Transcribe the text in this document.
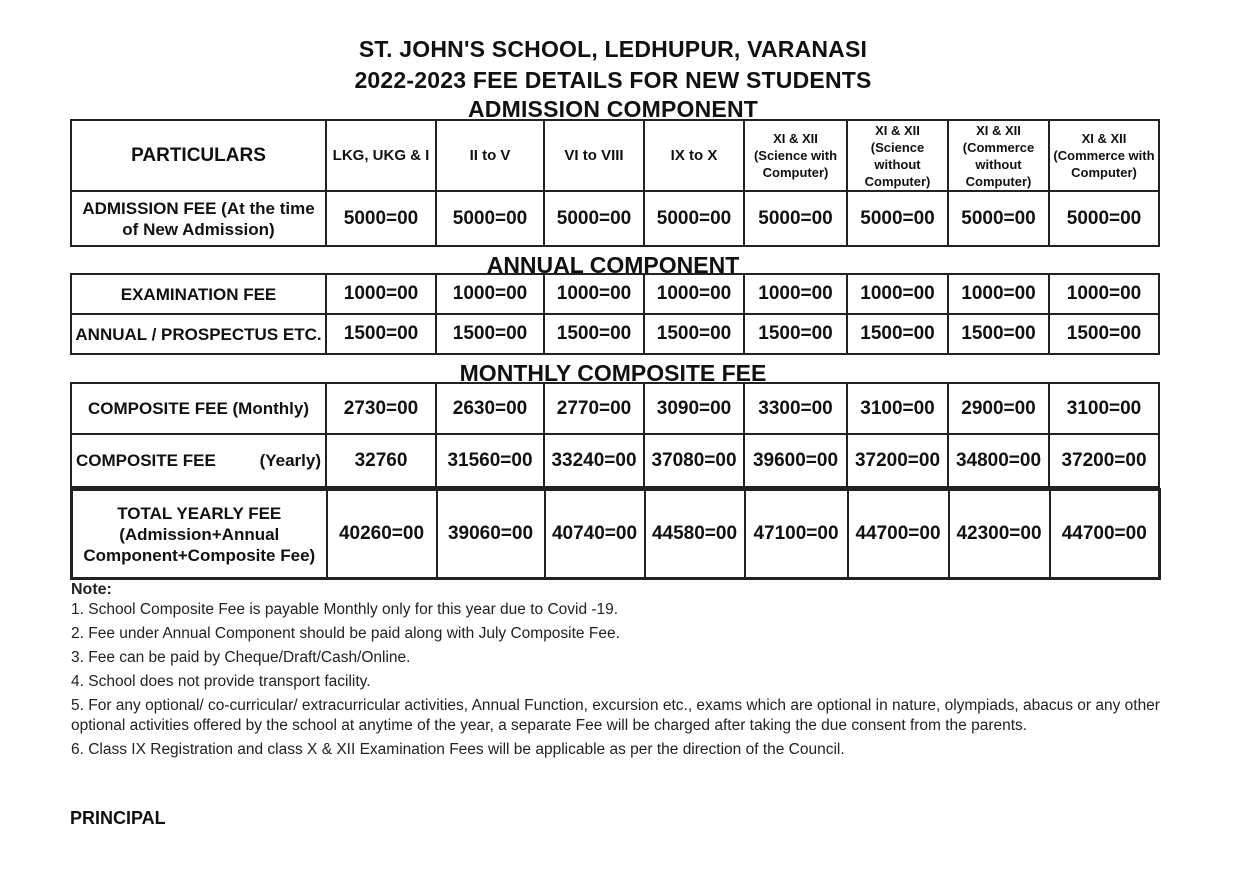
ST. JOHN'S SCHOOL, LEDHUPUR, VARANASI
2022-2023 FEE DETAILS FOR NEW STUDENTS
ADMISSION COMPONENT
PARTICULARS	LKG, UKG & I	II to V	VI to VIII	IX to X	XI & XII (Science with Computer)	XI & XII (Science without Computer)	XI & XII (Commerce without Computer)	XI & XII (Commerce with Computer)
ADMISSION FEE (At the time of New Admission)	5000=00	5000=00	5000=00	5000=00	5000=00	5000=00	5000=00	5000=00
ANNUAL COMPONENT
EXAMINATION FEE	1000=00	1000=00	1000=00	1000=00	1000=00	1000=00	1000=00	1000=00
ANNUAL / PROSPECTUS ETC.	1500=00	1500=00	1500=00	1500=00	1500=00	1500=00	1500=00	1500=00
MONTHLY COMPOSITE FEE
COMPOSITE FEE (Monthly)	2730=00	2630=00	2770=00	3090=00	3300=00	3100=00	2900=00	3100=00

COMPOSITE FEE (Yearly)	32760	31560=00	33240=00	37080=00	39600=00	37200=00	34800=00	37200=00
TOTAL YEARLY FEE (Admission+Annual Component+Composite Fee)	40260=00	39060=00	40740=00	44580=00	47100=00	44700=00	42300=00	44700=00
Note:

1. School Composite Fee is payable Monthly only for this year due to Covid -19.

2. Fee under Annual Component should be paid along with July Composite Fee.

3. Fee can be paid by Cheque/Draft/Cash/Online.

4. School does not provide transport facility.

5. For any optional/ co-curricular/ extracurricular activities, Annual Function, excursion etc., exams which are optional in nature, olympiads, abacus or any other optional activities offered by the school at anytime of the year, a separate Fee will be charged after taking the due consent from the parents.

6. Class IX Registration and class X & XII Examination Fees will be applicable as per the direction of the Council.

PRINCIPAL
